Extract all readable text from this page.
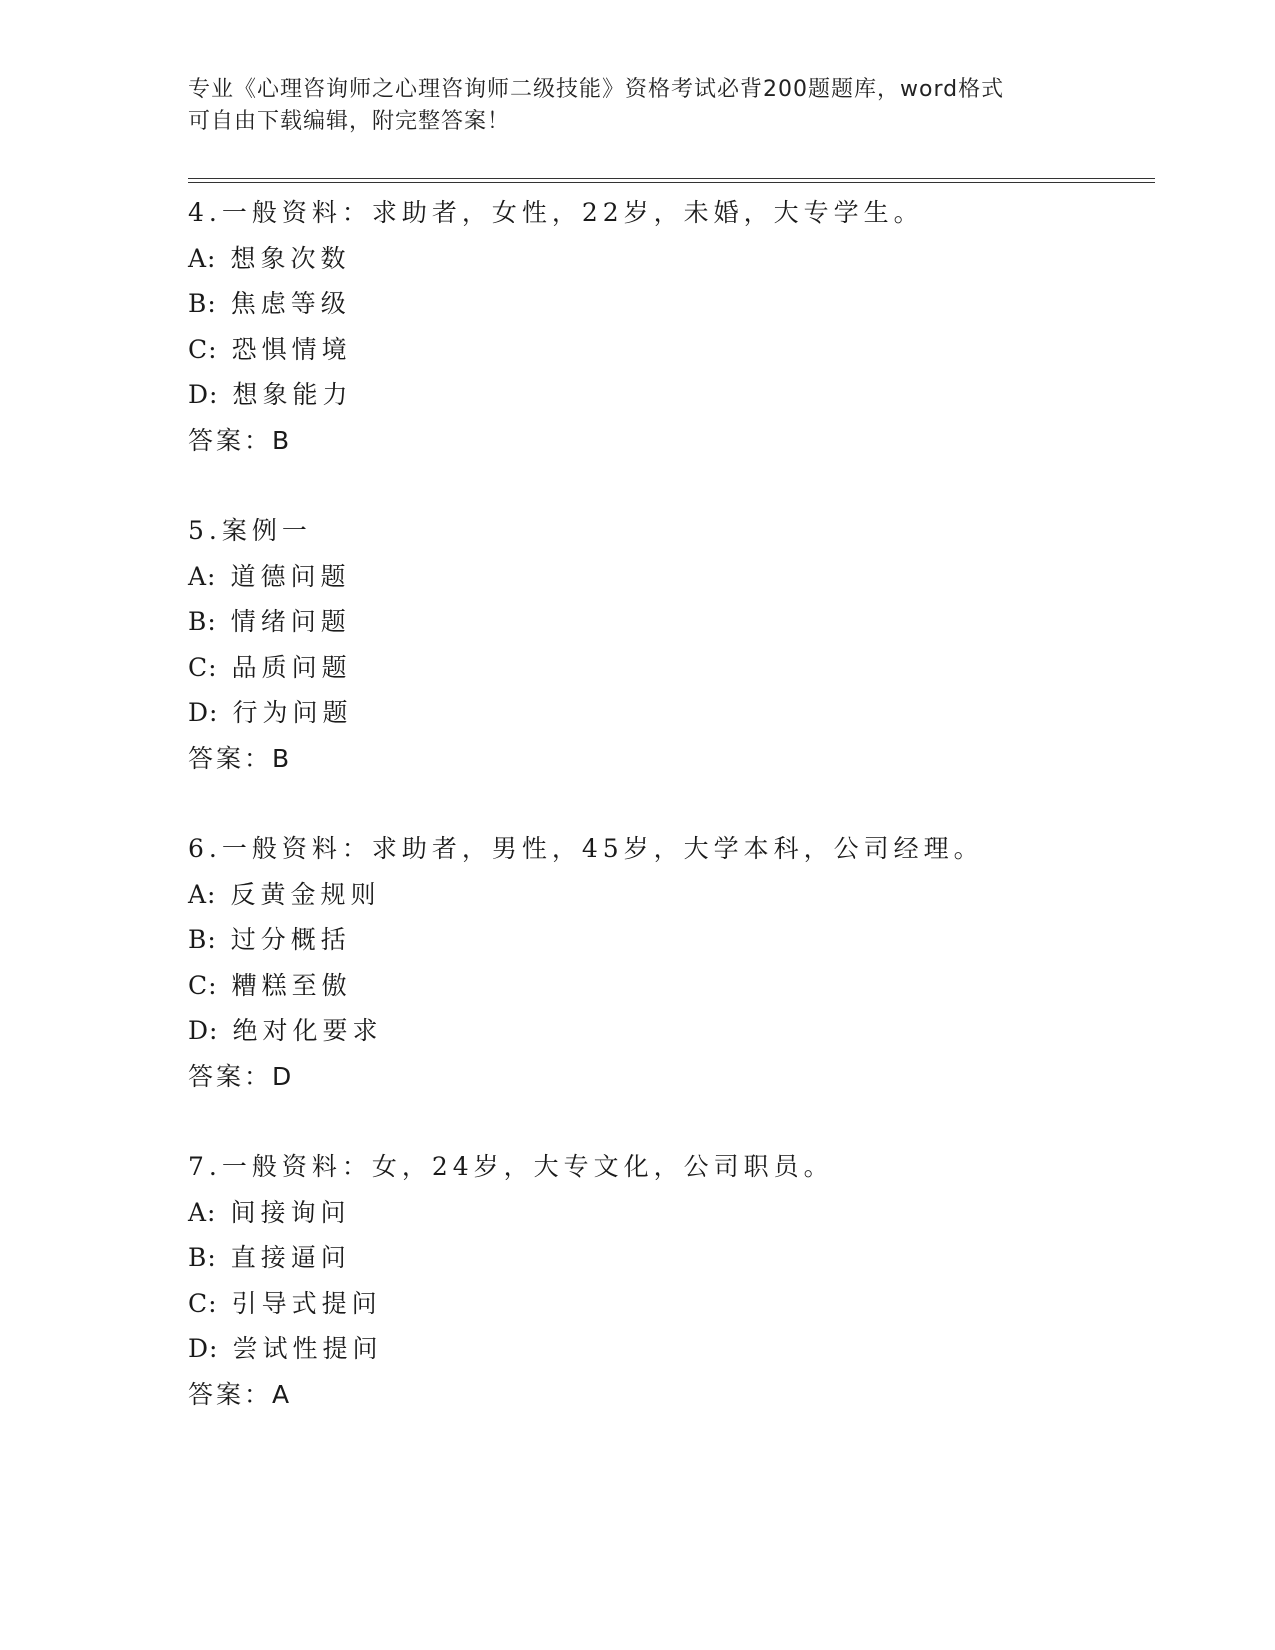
专业《心理咨询师之心理咨询师二级技能》资格考试必背200题题库，word格式
可自由下载编辑，附完整答案！
4.一般资料：求助者，女性，22岁，未婚，大专学生。
A: 想象次数
B: 焦虑等级
C: 恐惧情境
D: 想象能力
答案：B
5.案例一
A: 道德问题
B: 情绪问题
C: 品质问题
D: 行为问题
答案：B
6.一般资料：求助者，男性，45岁，大学本科，公司经理。
A: 反黄金规则
B: 过分概括
C: 糟糕至傲
D: 绝对化要求
答案：D
7.一般资料：女，24岁，大专文化，公司职员。
A: 间接询问
B: 直接逼问
C: 引导式提问
D: 尝试性提问
答案：A
